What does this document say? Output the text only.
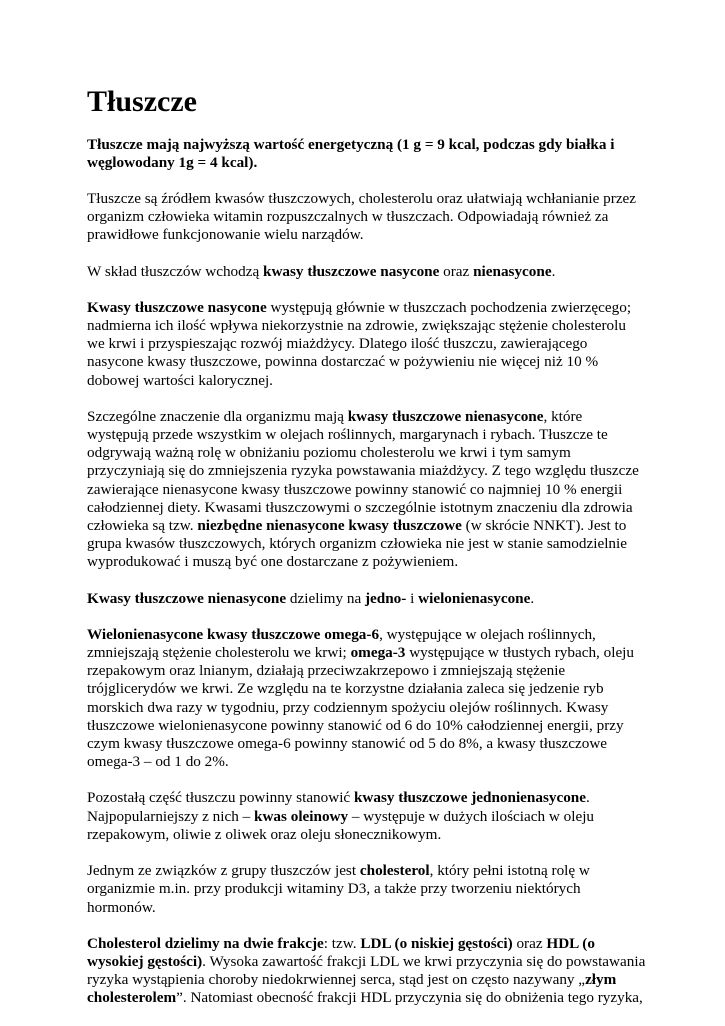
Tłuszcze

Tłuszcze mają najwyższą wartość energetyczną (1 g = 9 kcal, podczas gdy białka i węglowodany 1g = 4 kcal).

Tłuszcze są źródłem kwasów tłuszczowych, cholesterolu oraz ułatwiają wchłanianie przez organizm człowieka witamin rozpuszczalnych w tłuszczach. Odpowiadają również za prawidłowe funkcjonowanie wielu narządów.

W skład tłuszczów wchodzą kwasy tłuszczowe nasycone oraz nienasycone.

Kwasy tłuszczowe nasycone występują głównie w tłuszczach pochodzenia zwierzęcego; nadmierna ich ilość wpływa niekorzystnie na zdrowie, zwiększając stężenie cholesterolu we krwi i przyspieszając rozwój miażdżycy. Dlatego ilość tłuszczu, zawierającego nasycone kwasy tłuszczowe, powinna dostarczać w pożywieniu nie więcej niż 10 % dobowej wartości kalorycznej.

Szczególne znaczenie dla organizmu mają kwasy tłuszczowe nienasycone, które występują przede wszystkim w olejach roślinnych, margarynach i rybach. Tłuszcze te odgrywają ważną rolę w obniżaniu poziomu cholesterolu we krwi i tym samym przyczyniają się do zmniejszenia ryzyka powstawania miażdżycy. Z tego względu tłuszcze zawierające nienasycone kwasy tłuszczowe powinny stanowić co najmniej 10 % energii całodziennej diety. Kwasami tłuszczowymi o szczególnie istotnym znaczeniu dla zdrowia człowieka są tzw. niezbędne nienasycone kwasy tłuszczowe (w skrócie NNKT). Jest to grupa kwasów tłuszczowych, których organizm człowieka nie jest w stanie samodzielnie wyprodukować i muszą być one dostarczane z pożywieniem.

Kwasy tłuszczowe nienasycone dzielimy na jedno- i wielonienasycone.

Wielonienasycone kwasy tłuszczowe omega-6, występujące w olejach roślinnych, zmniejszają stężenie cholesterolu we krwi; omega-3 występujące w tłustych rybach, oleju rzepakowym oraz lnianym, działają przeciwzakrzepowo i zmniejszają stężenie trójglicerydów we krwi. Ze względu na te korzystne działania zaleca się jedzenie ryb morskich dwa razy w tygodniu, przy codziennym spożyciu olejów roślinnych. Kwasy tłuszczowe wielonienasycone powinny stanowić od 6 do 10% całodziennej energii, przy czym kwasy tłuszczowe omega-6 powinny stanowić od 5 do 8%, a kwasy tłuszczowe omega-3 – od 1 do 2%.

Pozostałą część tłuszczu powinny stanowić kwasy tłuszczowe jednonienasycone. Najpopularniejszy z nich – kwas oleinowy – występuje w dużych ilościach w oleju rzepakowym, oliwie z oliwek oraz oleju słonecznikowym.

Jednym ze związków z grupy tłuszczów jest cholesterol, który pełni istotną rolę w organizmie m.in. przy produkcji witaminy D3, a także przy tworzeniu niektórych hormonów.

Cholesterol dzielimy na dwie frakcje: tzw. LDL (o niskiej gęstości) oraz HDL (o wysokiej gęstości). Wysoka zawartość frakcji LDL we krwi przyczynia się do powstawania ryzyka wystąpienia choroby niedokrwiennej serca, stąd jest on często nazywany „złym cholesterolem”. Natomiast obecność frakcji HDL przyczynia się do obniżenia tego ryzyka,
